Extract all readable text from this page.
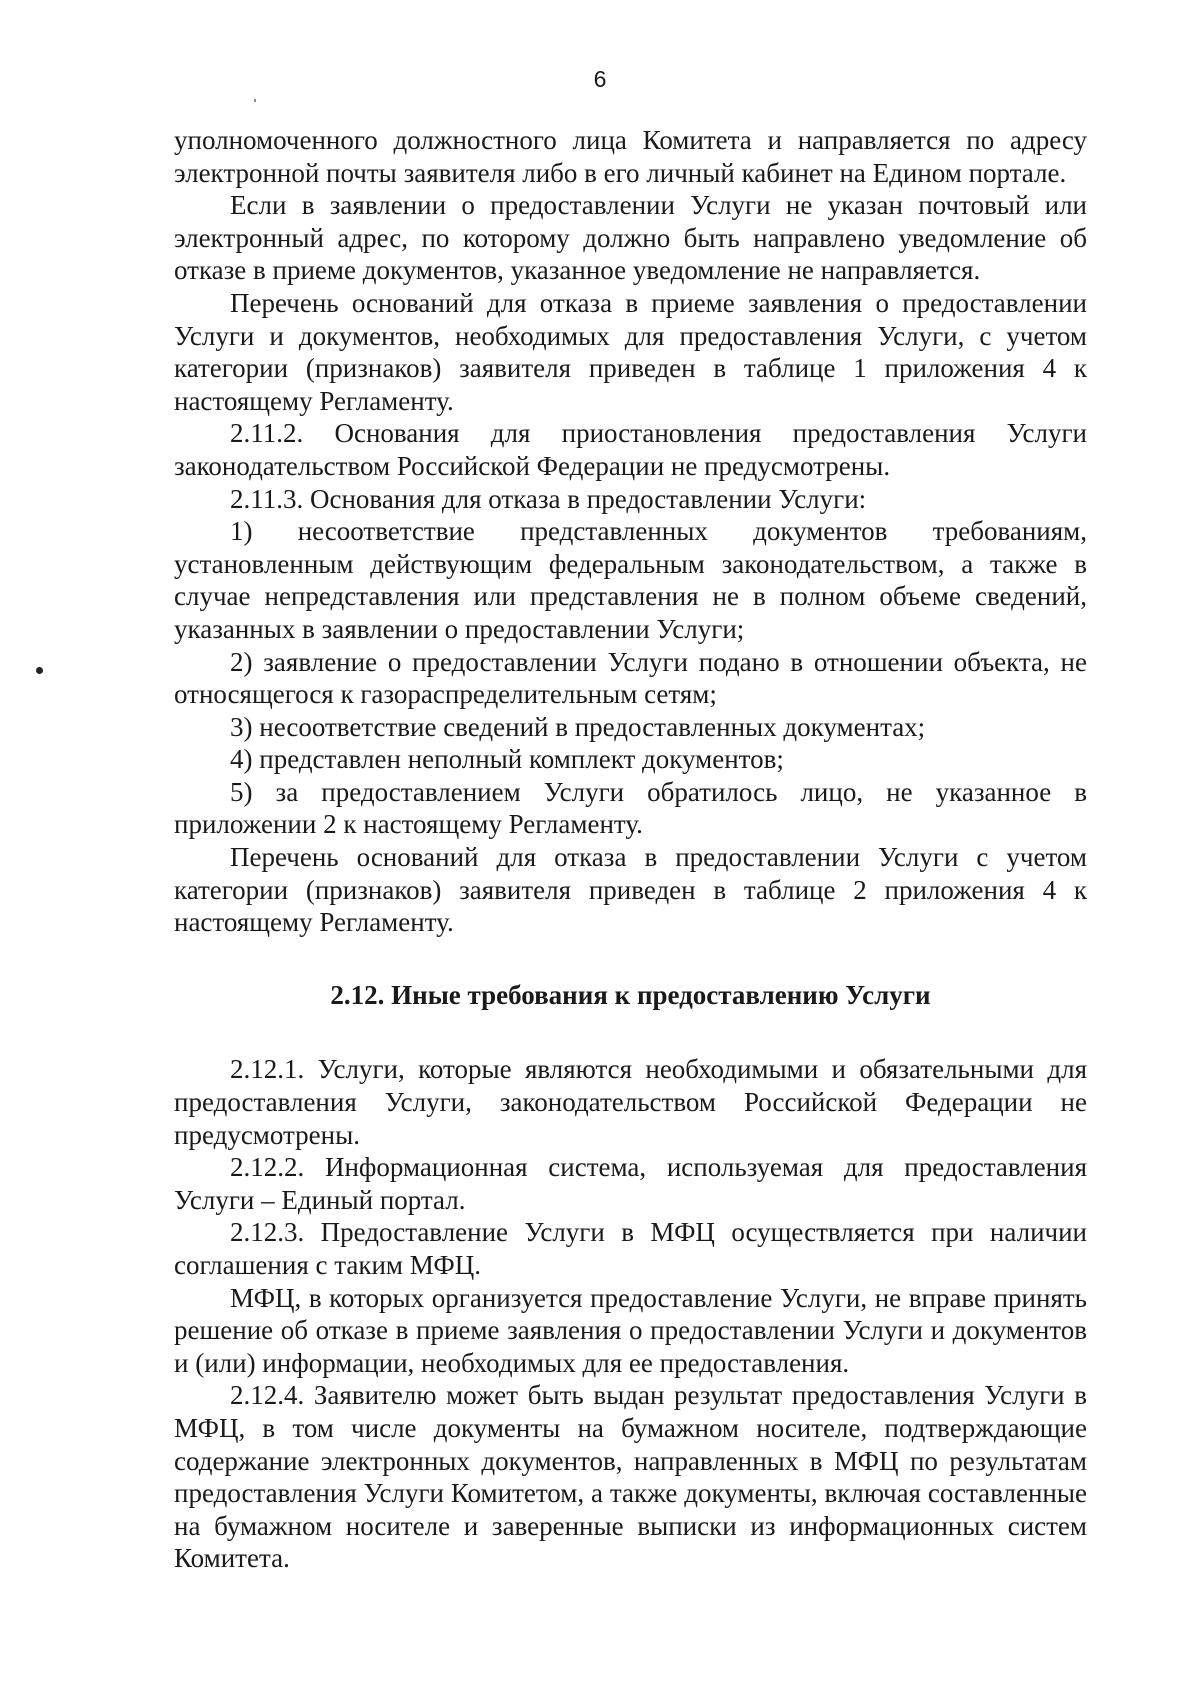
6

уполномоченного должностного лица Комитета и направляется по адресу электронной почты заявителя либо в его личный кабинет на Едином портале.

Если в заявлении о предоставлении Услуги не указан почтовый или электронный адрес, по которому должно быть направлено уведомление об отказе в приеме документов, указанное уведомление не направляется.

Перечень оснований для отказа в приеме заявления о предоставлении Услуги и документов, необходимых для предоставления Услуги, с учетом категории (признаков) заявителя приведен в таблице 1 приложения 4 к настоящему Регламенту.

2.11.2. Основания для приостановления предоставления Услуги законодательством Российской Федерации не предусмотрены.

2.11.3. Основания для отказа в предоставлении Услуги:

1) несоответствие представленных документов требованиям, установленным действующим федеральным законодательством, а также в случае непредставления или представления не в полном объеме сведений, указанных в заявлении о предоставлении Услуги;

2) заявление о предоставлении Услуги подано в отношении объекта, не относящегося к газораспределительным сетям;

3) несоответствие сведений в предоставленных документах;

4) представлен неполный комплект документов;

5) за предоставлением Услуги обратилось лицо, не указанное в приложении 2 к настоящему Регламенту.

Перечень оснований для отказа в предоставлении Услуги с учетом категории (признаков) заявителя приведен в таблице 2 приложения 4 к настоящему Регламенту.

2.12. Иные требования к предоставлению Услуги

2.12.1. Услуги, которые являются необходимыми и обязательными для предоставления Услуги, законодательством Российской Федерации не предусмотрены.

2.12.2. Информационная система, используемая для предоставления Услуги – Единый портал.

2.12.3. Предоставление Услуги в МФЦ осуществляется при наличии соглашения с таким МФЦ.

МФЦ, в которых организуется предоставление Услуги, не вправе принять решение об отказе в приеме заявления о предоставлении Услуги и документов и (или) информации, необходимых для ее предоставления.

2.12.4. Заявителю может быть выдан результат предоставления Услуги в МФЦ, в том числе документы на бумажном носителе, подтверждающие содержание электронных документов, направленных в МФЦ по результатам предоставления Услуги Комитетом, а также документы, включая составленные на бумажном носителе и заверенные выписки из информационных систем Комитета.
